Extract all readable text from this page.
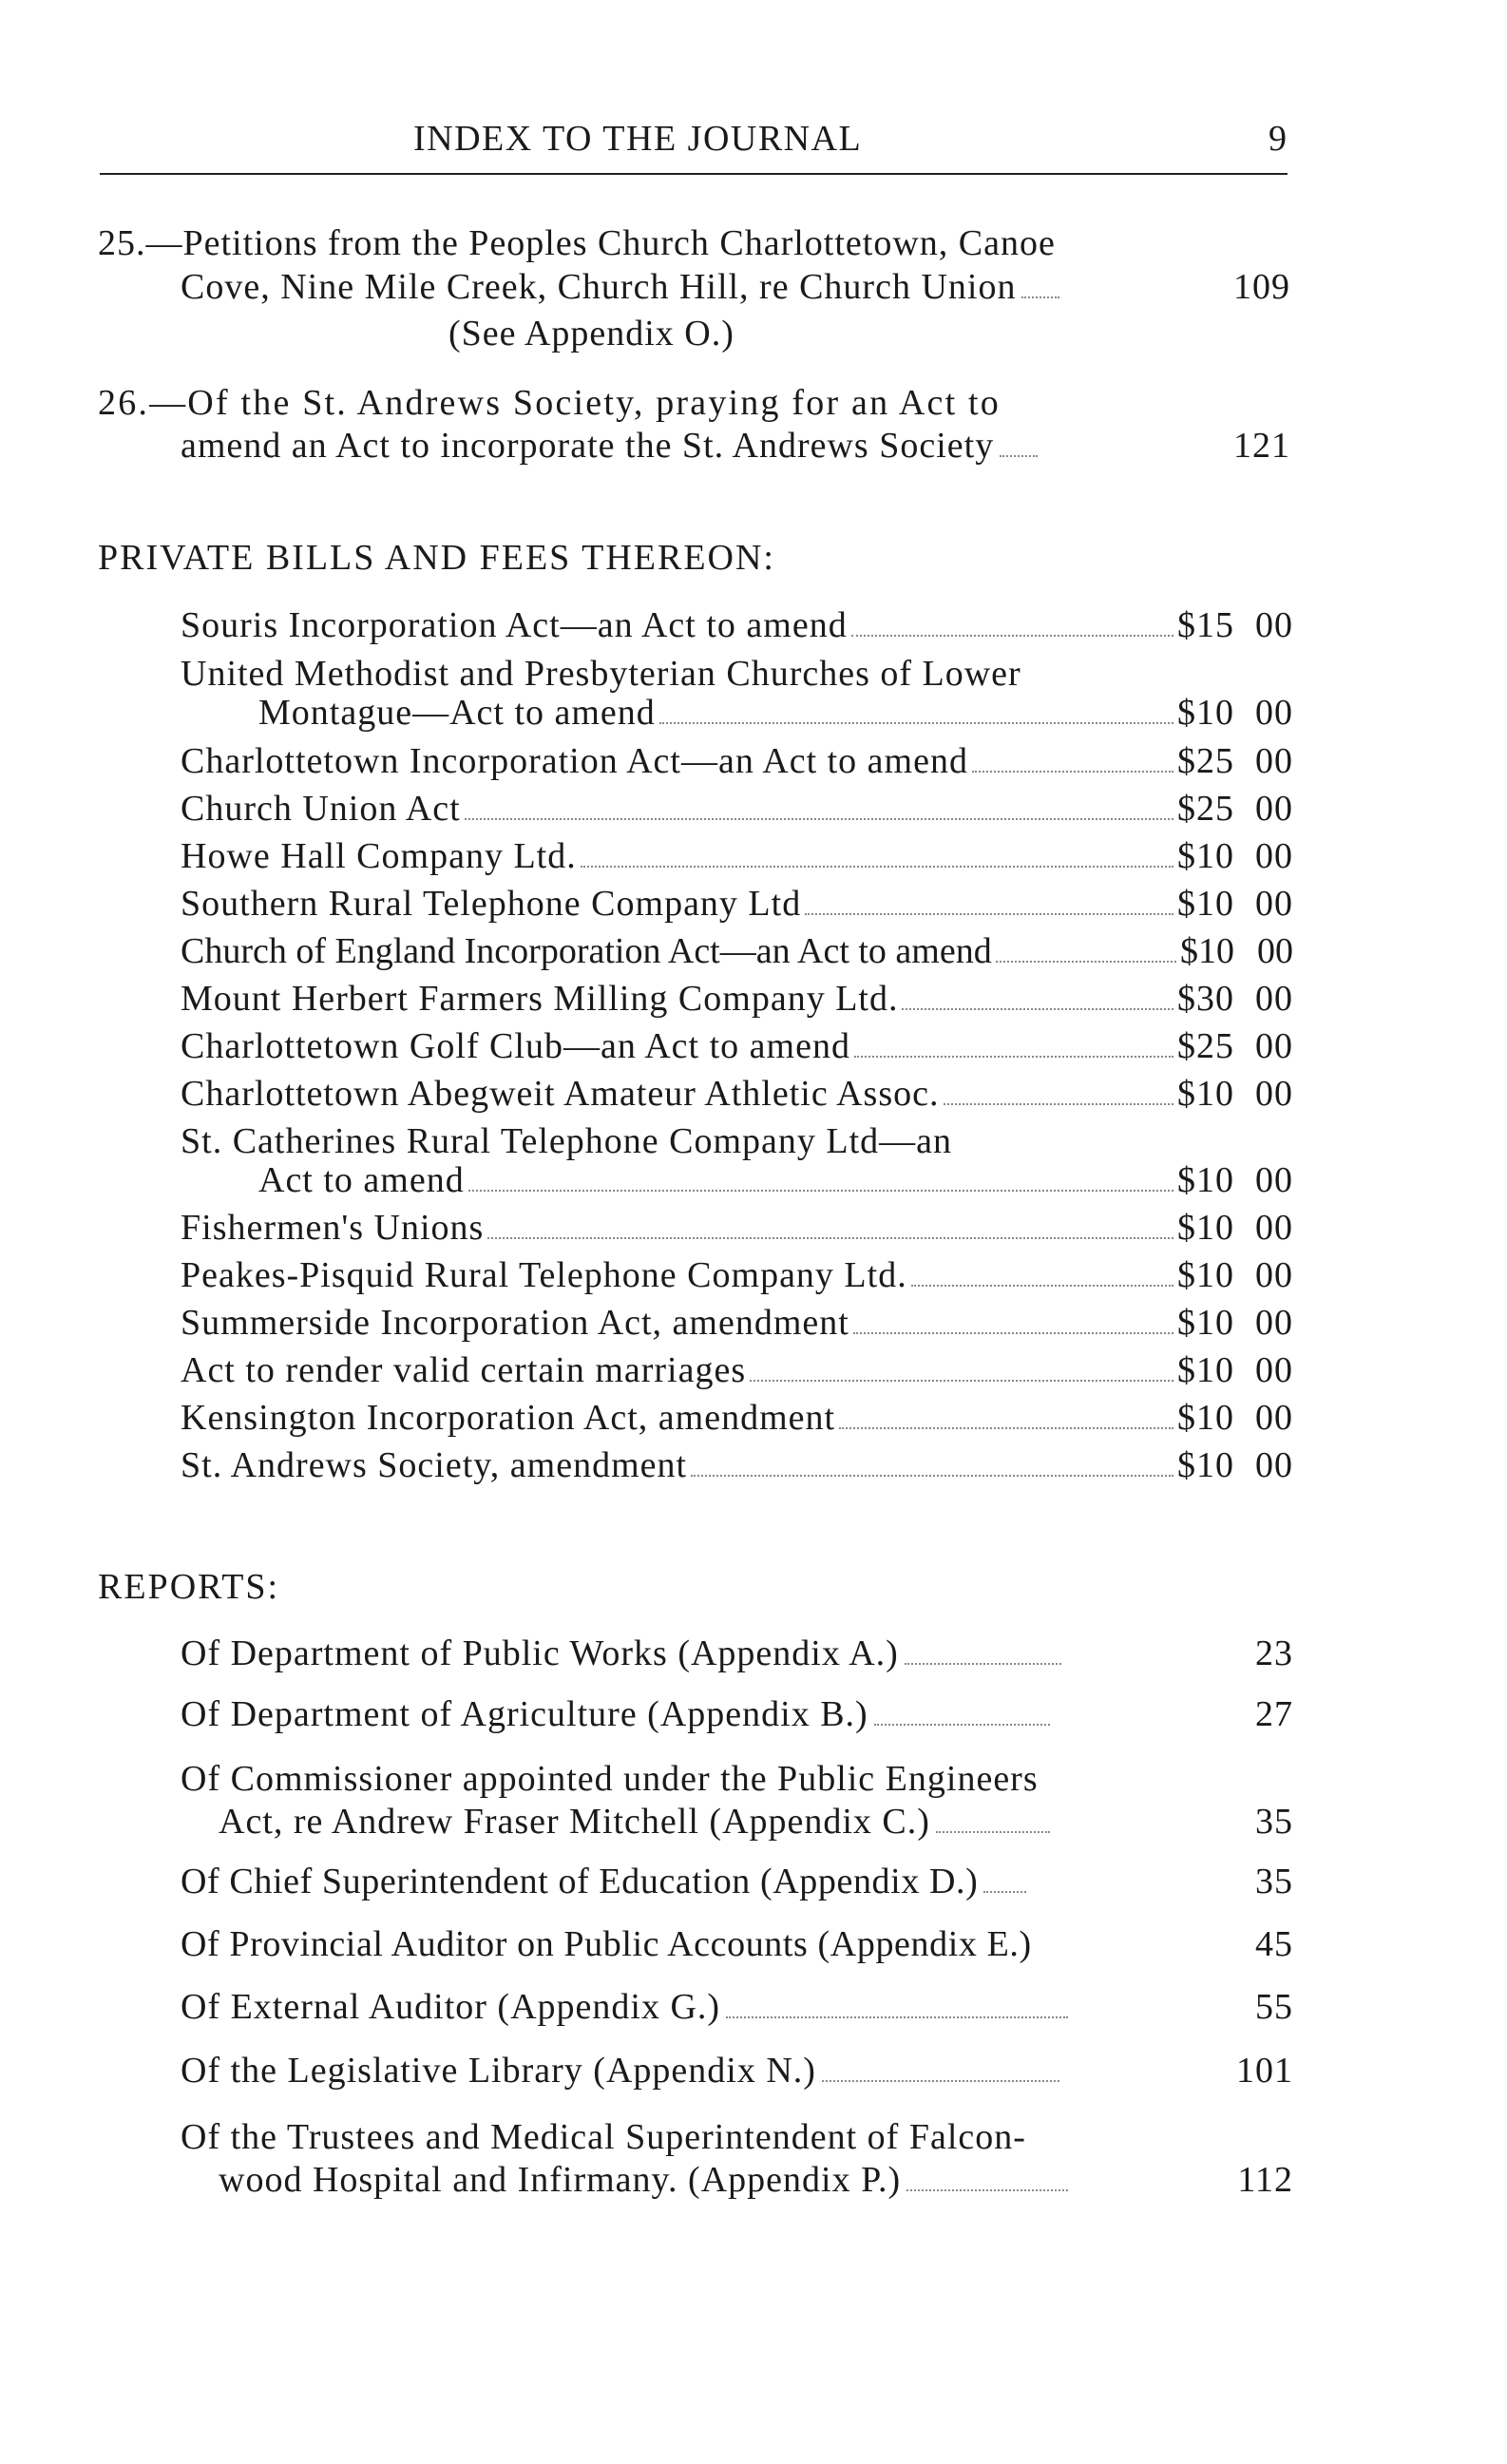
INDEX TO THE JOURNAL	9
25.—Petitions from the Peoples Church Charlottetown, Canoe
Cove, Nine Mile Creek, Church Hill, re Church Union	109
(See Appendix O.)
26.—Of the St. Andrews Society, praying for an Act to
amend an Act to incorporate the St. Andrews Society	121
PRIVATE BILLS AND FEES THEREON:
Souris Incorporation Act—an Act to amend	$15 00
United Methodist and Presbyterian Churches of Lower
Montague—Act to amend	$10 00
Charlottetown Incorporation Act—an Act to amend	$25 00
Church Union Act	$25 00
Howe Hall Company Ltd.	$10 00
Southern Rural Telephone Company Ltd	$10 00
Church of England Incorporation Act—an Act to amend	$10 00
Mount Herbert Farmers Milling Company Ltd.	$30 00
Charlottetown Golf Club—an Act to amend	$25 00
Charlottetown Abegweit Amateur Athletic Assoc.	$10 00
St. Catherines Rural Telephone Company Ltd—an
Act to amend	$10 00
Fishermen's Unions	$10 00
Peakes-Pisquid Rural Telephone Company Ltd.	$10 00
Summerside Incorporation Act, amendment	$10 00
Act to render valid certain marriages	$10 00
Kensington Incorporation Act, amendment	$10 00
St. Andrews Society, amendment	$10 00
REPORTS:
Of Department of Public Works (Appendix A.)	23
Of Department of Agriculture (Appendix B.)	27
Of Commissioner appointed under the Public Engineers
Act, re Andrew Fraser Mitchell (Appendix C.)	35
Of Chief Superintendent of Education (Appendix D.)	35
Of Provincial Auditor on Public Accounts (Appendix E.)	45
Of External Auditor (Appendix G.)	55
Of the Legislative Library (Appendix N.)	101
Of the Trustees and Medical Superintendent of Falcon-
wood Hospital and Infirmany. (Appendix P.)	112
